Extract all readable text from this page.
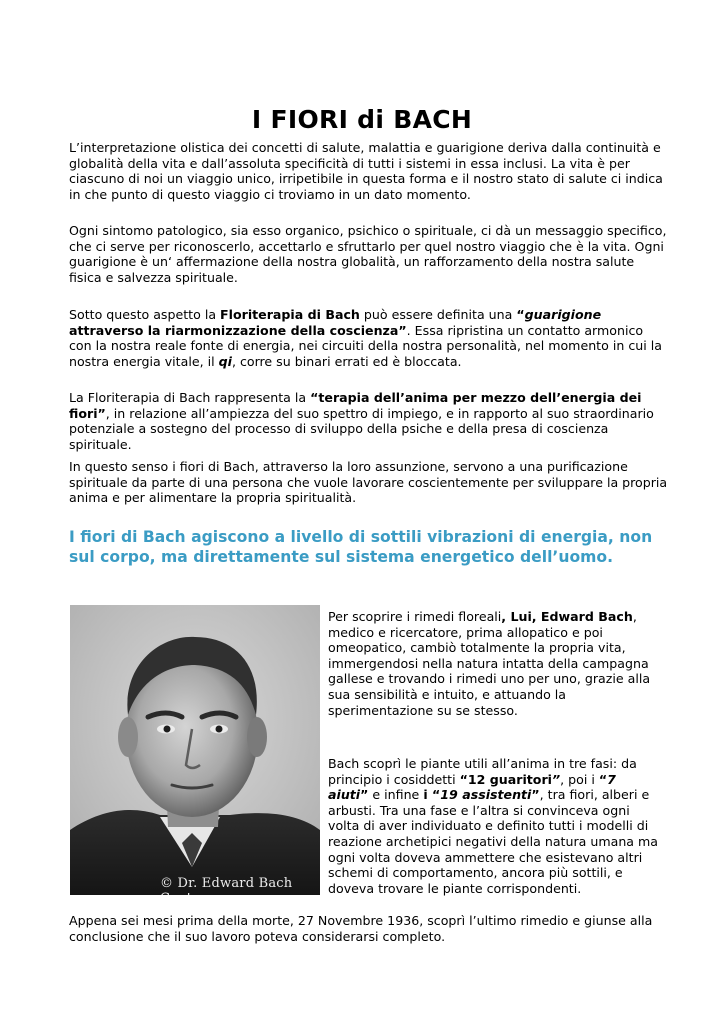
I FIORI di BACH

L’interpretazione olistica dei concetti di salute, malattia e guarigione deriva dalla continuità e globalità della vita e dall’assoluta specificità di tutti i sistemi in essa inclusi. La vita è per ciascuno di noi un viaggio unico, irripetibile in questa forma e il nostro stato di salute ci indica in che punto di questo viaggio ci troviamo in un dato momento.

Ogni sintomo patologico, sia esso organico, psichico o spirituale, ci dà un messaggio specifico, che ci serve per riconoscerlo, accettarlo e sfruttarlo per quel nostro viaggio che è la vita. Ogni guarigione è un‘ affermazione della nostra globalità, un rafforzamento della nostra salute fisica e salvezza spirituale.

Sotto questo aspetto la Floriterapia di Bach può essere definita una “guarigione attraverso la riarmonizzazione della coscienza”. Essa ripristina un contatto armonico con la nostra reale fonte di energia, nei circuiti della nostra personalità, nel momento in cui la nostra energia vitale, il qi, corre su binari errati ed è bloccata.

La Floriterapia di Bach rappresenta la “terapia dell’anima per mezzo dell’energia dei fiori”, in relazione all’ampiezza del suo spettro di impiego, e in rapporto al suo straordinario potenziale a sostegno del processo di sviluppo della psiche e della presa di coscienza spirituale.

In questo senso i fiori di Bach, attraverso la loro assunzione, servono a una purificazione spirituale da parte di una persona che vuole lavorare coscientemente per sviluppare la propria anima e per alimentare la propria spiritualità.

I fiori di Bach agiscono a livello di sottili vibrazioni di energia, non sul corpo, ma direttamente sul sistema energetico dell’uomo.
© Dr. Edward Bach Centre

Per scoprire i rimedi floreali, Lui, Edward Bach, medico e ricercatore, prima allopatico e poi omeopatico, cambiò totalmente la propria vita, immergendosi nella natura intatta della campagna gallese e trovando i rimedi uno per uno, grazie alla sua sensibilità e intuito, e attuando la sperimentazione su se stesso.

Bach scoprì le piante utili all’anima in tre fasi: da principio i cosiddetti “12 guaritori”, poi i “7 aiuti” e infine i “19 assistenti”, tra fiori, alberi e arbusti. Tra una fase e l’altra si convinceva ogni volta di aver individuato e definito tutti i modelli di reazione archetipici negativi della natura umana ma ogni volta doveva ammettere che esistevano altri schemi di comportamento, ancora più sottili, e doveva trovare le piante corrispondenti.

Appena sei mesi prima della morte, 27 Novembre 1936, scoprì l’ultimo rimedio e giunse alla conclusione che il suo lavoro poteva considerarsi completo.
